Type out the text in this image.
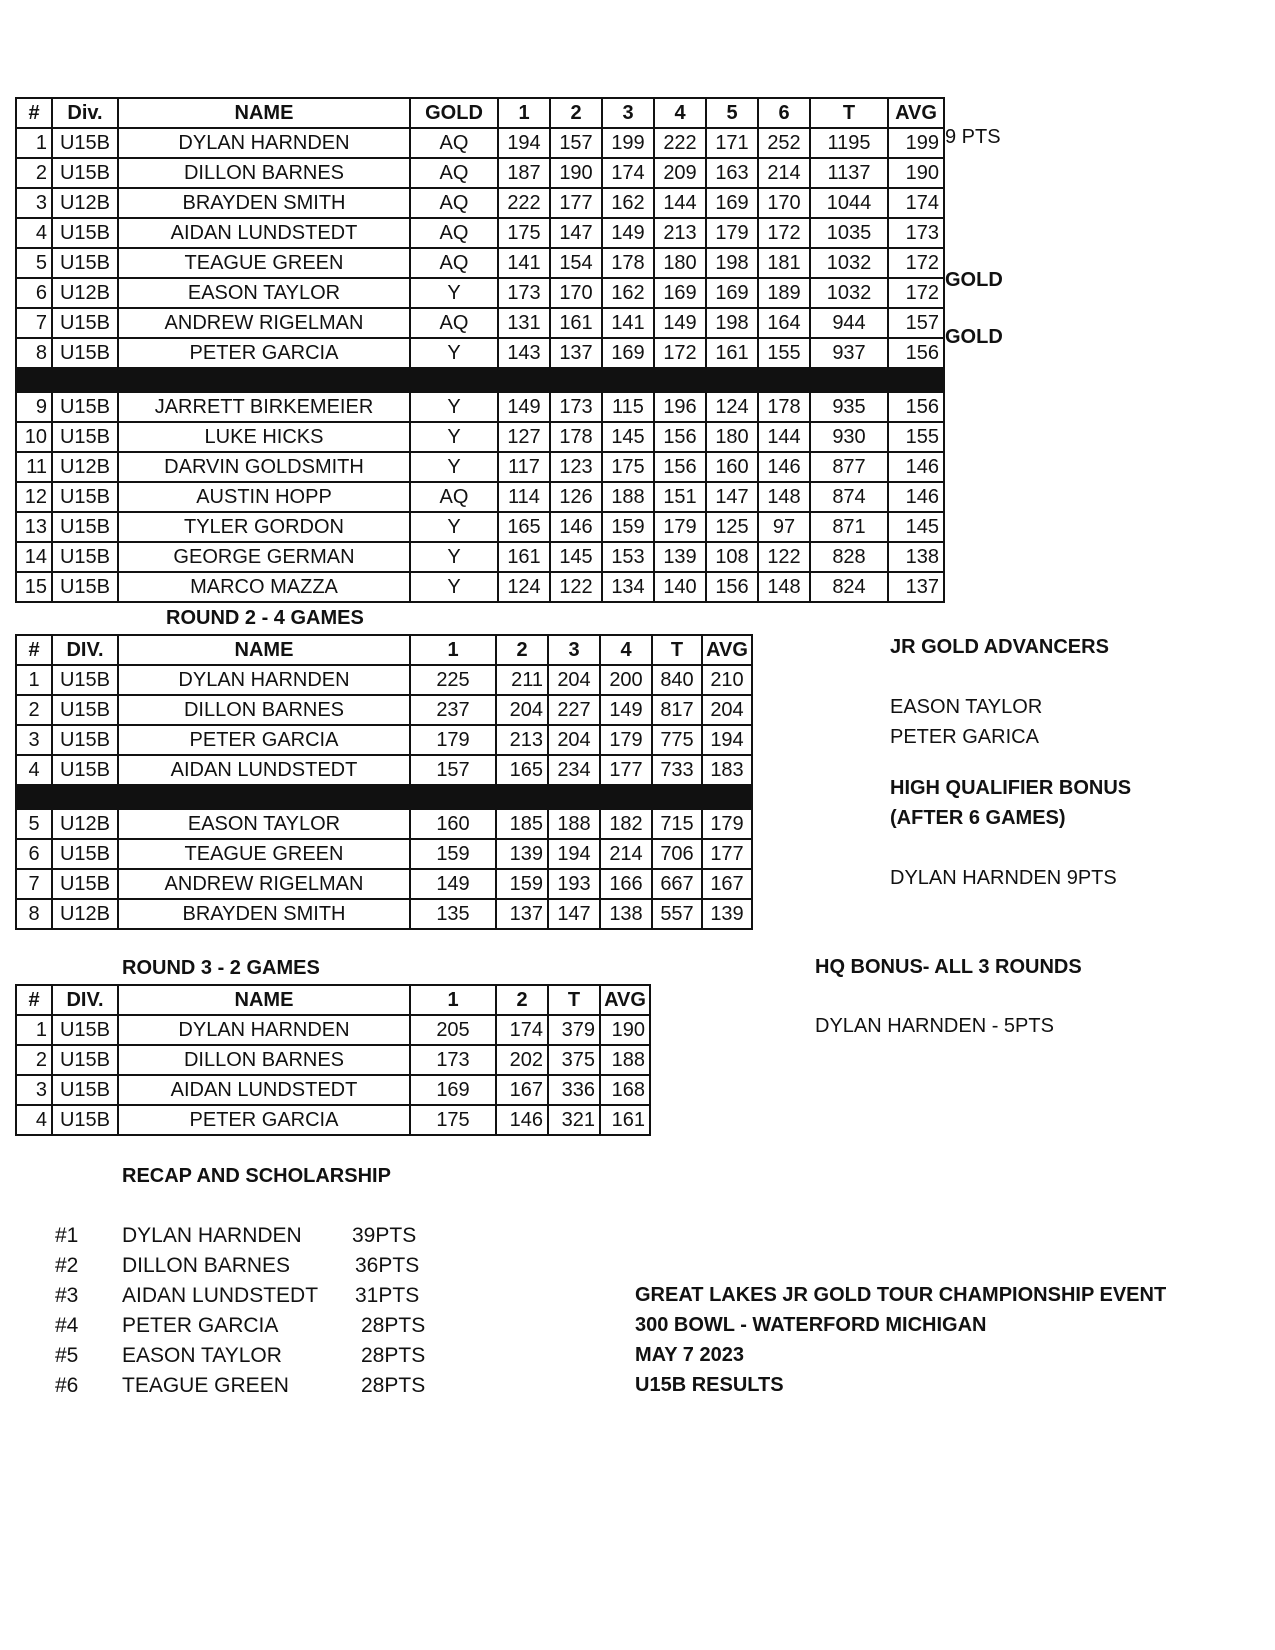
#	Div.	NAME	GOLD	1	2	3	4	5	6	T	AVG
1	U15B	DYLAN HARNDEN	AQ	194	157	199	222	171	252	1195	199
2	U15B	DILLON BARNES	AQ	187	190	174	209	163	214	1137	190
3	U12B	BRAYDEN SMITH	AQ	222	177	162	144	169	170	1044	174
4	U15B	AIDAN LUNDSTEDT	AQ	175	147	149	213	179	172	1035	173
5	U15B	TEAGUE GREEN	AQ	141	154	178	180	198	181	1032	172
6	U12B	EASON TAYLOR	Y	173	170	162	169	169	189	1032	172
7	U15B	ANDREW RIGELMAN	AQ	131	161	141	149	198	164	944	157
8	U15B	PETER GARCIA	Y	143	137	169	172	161	155	937	156

9	U15B	JARRETT BIRKEMEIER	Y	149	173	115	196	124	178	935	156
10	U15B	LUKE HICKS	Y	127	178	145	156	180	144	930	155
11	U12B	DARVIN GOLDSMITH	Y	117	123	175	156	160	146	877	146
12	U15B	AUSTIN HOPP	AQ	114	126	188	151	147	148	874	146
13	U15B	TYLER GORDON	Y	165	146	159	179	125	97	871	145
14	U15B	GEORGE GERMAN	Y	161	145	153	139	108	122	828	138
15	U15B	MARCO MAZZA	Y	124	122	134	140	156	148	824	137
9 PTS
GOLD
GOLD
ROUND 2 - 4 GAMES
#	DIV.	NAME	1	2	3	4	T	AVG
1	U15B	DYLAN HARNDEN	225	211	204	200	840	210
2	U15B	DILLON BARNES	237	204	227	149	817	204
3	U15B	PETER GARCIA	179	213	204	179	775	194
4	U15B	AIDAN LUNDSTEDT	157	165	234	177	733	183

5	U12B	EASON TAYLOR	160	185	188	182	715	179
6	U15B	TEAGUE GREEN	159	139	194	214	706	177
7	U15B	ANDREW RIGELMAN	149	159	193	166	667	167
8	U12B	BRAYDEN SMITH	135	137	147	138	557	139
ROUND 3 - 2 GAMES
#	DIV.	NAME	1	2	T	AVG
1	U15B	DYLAN HARNDEN	205	174	379	190
2	U15B	DILLON BARNES	173	202	375	188
3	U15B	AIDAN LUNDSTEDT	169	167	336	168
4	U15B	PETER GARCIA	175	146	321	161
JR GOLD ADVANCERS
EASON TAYLOR
PETER GARICA
HIGH QUALIFIER BONUS
(AFTER 6 GAMES)
DYLAN HARNDEN 9PTS
HQ BONUS- ALL 3 ROUNDS
DYLAN HARNDEN - 5PTS
RECAP AND SCHOLARSHIP
#1 DYLAN HARNDEN 39PTS
#2 DILLON BARNES	36PTS
#3 AIDAN LUNDSTEDT 31PTS
#4 PETER GARCIA	28PTS
#5 EASON TAYLOR	28PTS
#6 TEAGUE GREEN	28PTS
GREAT LAKES JR GOLD TOUR CHAMPIONSHIP EVENT
300 BOWL - WATERFORD MICHIGAN
MAY 7 2023
U15B RESULTS
